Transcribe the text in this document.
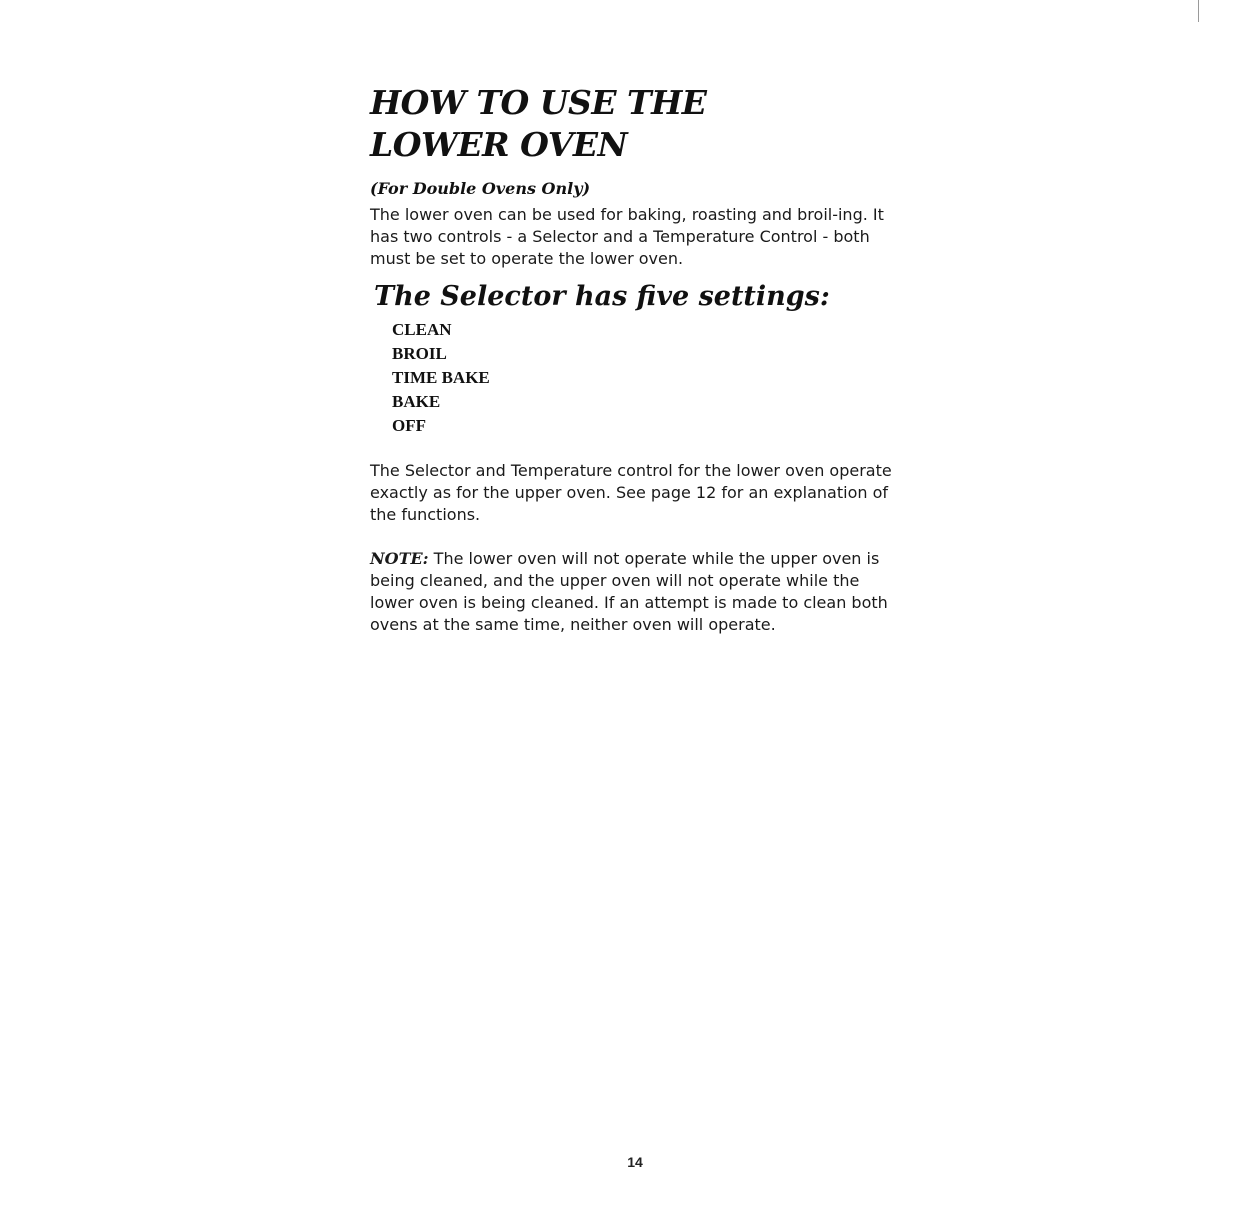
HOW TO USE THE
LOWER OVEN

(For Double Ovens Only)

The lower oven can be used for baking, roasting and broil-ing. It has two controls - a Selector and a Temperature Control - both must be set to operate the lower oven.

The Selector has five settings:
CLEAN
BROIL
TIME BAKE
BAKE
OFF

The Selector and Temperature control for the lower oven operate exactly as for the upper oven. See page 12 for an explanation of the functions.

NOTE: The lower oven will not operate while the upper oven is being cleaned, and the upper oven will not operate while the lower oven is being cleaned. If an attempt is made to clean both ovens at the same time, neither oven will operate.

14
